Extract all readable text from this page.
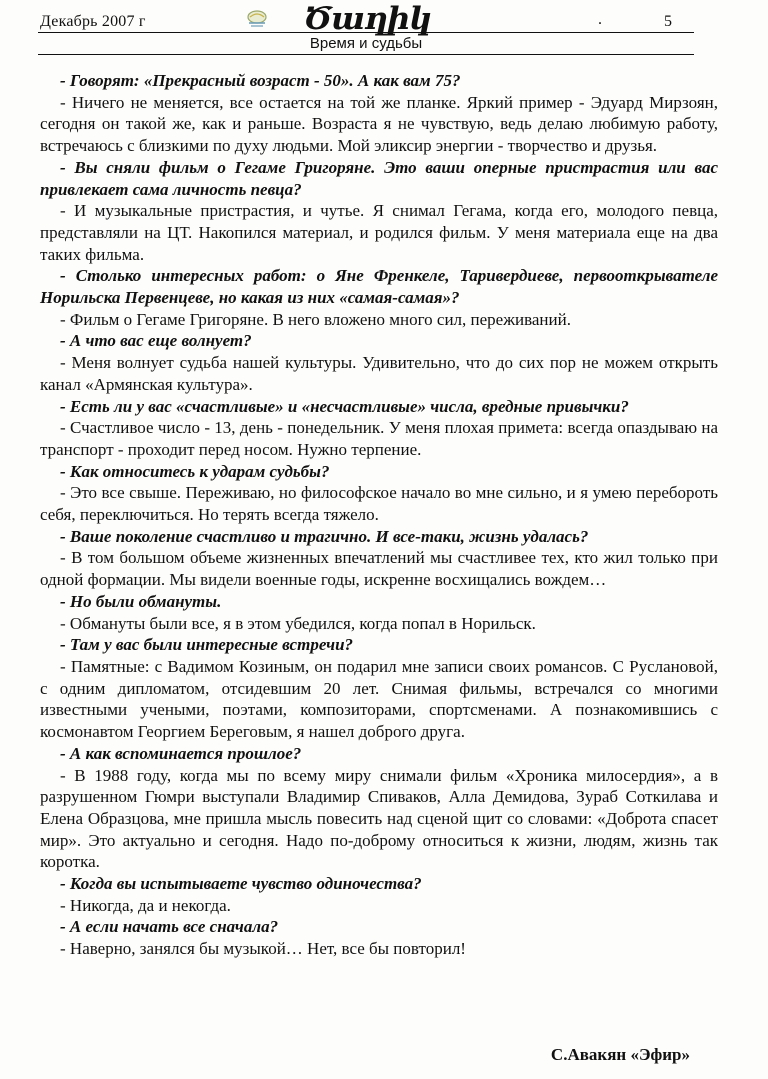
Декабрь 2007 г	Ծաղիկ	.	5
Время и судьбы

- Говорят: «Прекрасный возраст - 50». А как вам 75?

- Ничего не меняется, все остается на той же планке. Яркий пример - Эдуард Мирзоян, сегодня он такой же, как и раньше. Возраста я не чувствую, ведь делаю любимую работу, встречаюсь с близкими по духу людьми. Мой эликсир энергии - творчество и друзья.

- Вы сняли фильм о Гегаме Григоряне. Это ваши оперные пристрастия или вас привлекает сама личность певца?

- И музыкальные пристрастия, и чутье. Я снимал Гегама, когда его, молодого певца, представляли на ЦТ. Накопился материал, и родился фильм. У меня материала еще на два таких фильма.

- Столько интересных работ: о Яне Френкеле, Таривердиеве, первооткрывателе Норильска Первенцеве, но какая из них «самая-самая»?

- Фильм о Гегаме Григоряне. В него вложено много сил, переживаний.

- А что вас еще волнует?

- Меня волнует судьба нашей культуры. Удивительно, что до сих пор не можем открыть канал «Армянская культура».

- Есть ли у вас «счастливые» и «несчастливые» числа, вредные привычки?

- Счастливое число - 13, день - понедельник. У меня плохая примета: всегда опаздываю на транспорт - проходит перед носом. Нужно терпение.

- Как относитесь к ударам судьбы?

- Это все свыше. Переживаю, но философское начало во мне сильно, и я умею перебороть себя, переключиться. Но терять всегда тяжело.

- Ваше поколение счастливо и трагично. И все-таки, жизнь удалась?

- В том большом объеме жизненных впечатлений мы счастливее тех, кто жил только при одной формации. Мы видели военные годы, искренне восхищались вождем…

- Но были обмануты.

- Обмануты были все, я в этом убедился, когда попал в Норильск.

- Там у вас были интересные встречи?

- Памятные: с Вадимом Козиным, он подарил мне записи своих романсов. С Руслановой, с одним дипломатом, отсидевшим 20 лет. Снимая фильмы, встречался со многими известными учеными, поэтами, композиторами, спортсменами. А познакомившись с космонавтом Георгием Береговым, я нашел доброго друга.

- А как вспоминается прошлое?

- В 1988 году, когда мы по всему миру снимали фильм «Хроника милосердия», а в разрушенном Гюмри выступали Владимир Спиваков, Алла Демидова, Зураб Соткилава и Елена Образцова, мне пришла мысль повесить над сценой щит со словами: «Доброта спасет мир». Это актуально и сегодня. Надо по-доброму относиться к жизни, людям, жизнь так коротка.

- Когда вы испытываете чувство одиночества?

- Никогда, да и некогда.

- А если начать все сначала?

- Наверно, занялся бы музыкой… Нет, все бы повторил!

С.Авакян «Эфир»
